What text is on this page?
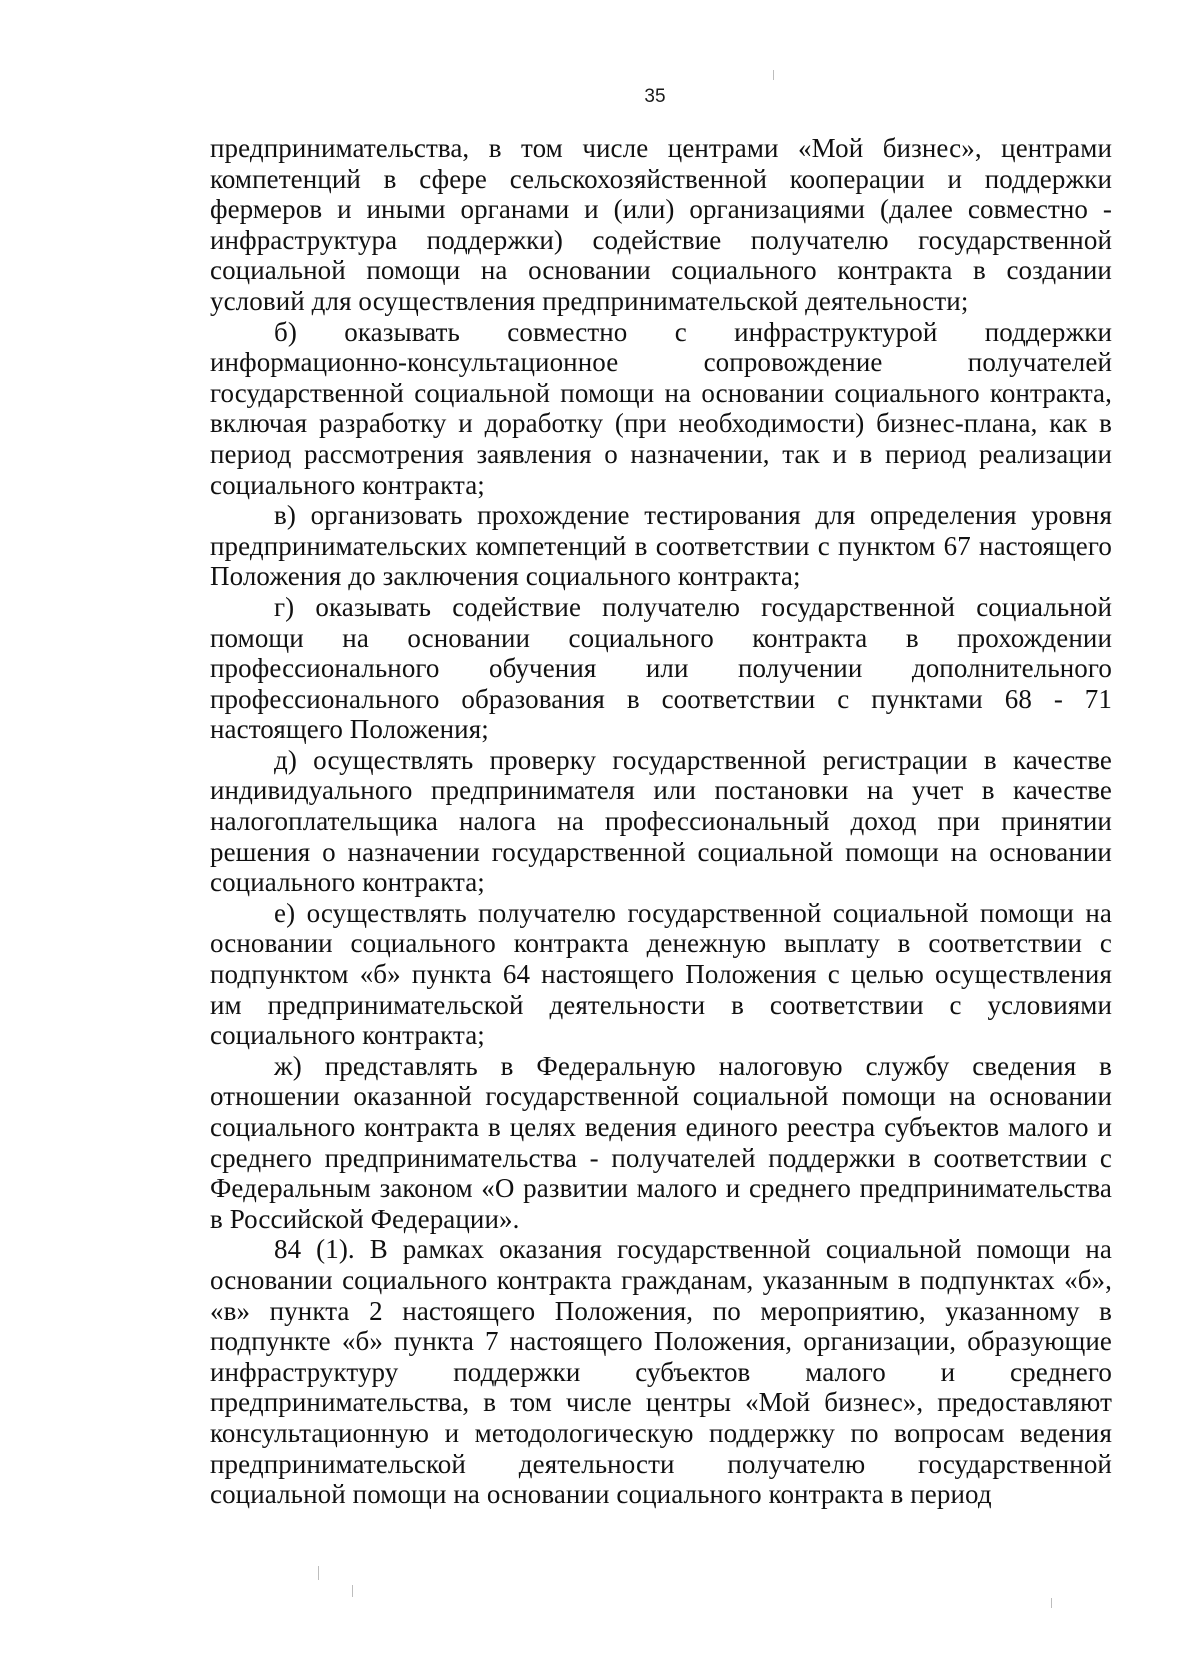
35

предпринимательства, в том числе центрами «Мой бизнес», центрами компетенций в сфере сельскохозяйственной кооперации и поддержки фермеров и иными органами и (или) организациями (далее совместно - инфраструктура поддержки) содействие получателю государственной социальной помощи на основании социального контракта в создании условий для осуществления предпринимательской деятельности;

б) оказывать совместно с инфраструктурой поддержки информационно-консультационное сопровождение получателей государственной социальной помощи на основании социального контракта, включая разработку и доработку (при необходимости) бизнес-плана, как в период рассмотрения заявления о назначении, так и в период реализации социального контракта;

в) организовать прохождение тестирования для определения уровня предпринимательских компетенций в соответствии с пунктом 67 настоящего Положения до заключения социального контракта;

г) оказывать содействие получателю государственной социальной помощи на основании социального контракта в прохождении профессионального обучения или получении дополнительного профессионального образования в соответствии с пунктами 68 - 71 настоящего Положения;

д) осуществлять проверку государственной регистрации в качестве индивидуального предпринимателя или постановки на учет в качестве налогоплательщика налога на профессиональный доход при принятии решения о назначении государственной социальной помощи на основании социального контракта;

е) осуществлять получателю государственной социальной помощи на основании социального контракта денежную выплату в соответствии с подпунктом «б» пункта 64 настоящего Положения с целью осуществления им предпринимательской деятельности в соответствии с условиями социального контракта;

ж) представлять в Федеральную налоговую службу сведения в отношении оказанной государственной социальной помощи на основании социального контракта в целях ведения единого реестра субъектов малого и среднего предпринимательства - получателей поддержки в соответствии с Федеральным законом «О развитии малого и среднего предпринимательства в Российской Федерации».

84 (1). В рамках оказания государственной социальной помощи на основании социального контракта гражданам, указанным в подпунктах «б», «в» пункта 2 настоящего Положения, по мероприятию, указанному в подпункте «б» пункта 7 настоящего Положения, организации, образующие инфраструктуру поддержки субъектов малого и среднего предпринимательства, в том числе центры «Мой бизнес», предоставляют консультационную и методологическую поддержку по вопросам ведения предпринимательской деятельности получателю государственной социальной помощи на основании социального контракта в период
